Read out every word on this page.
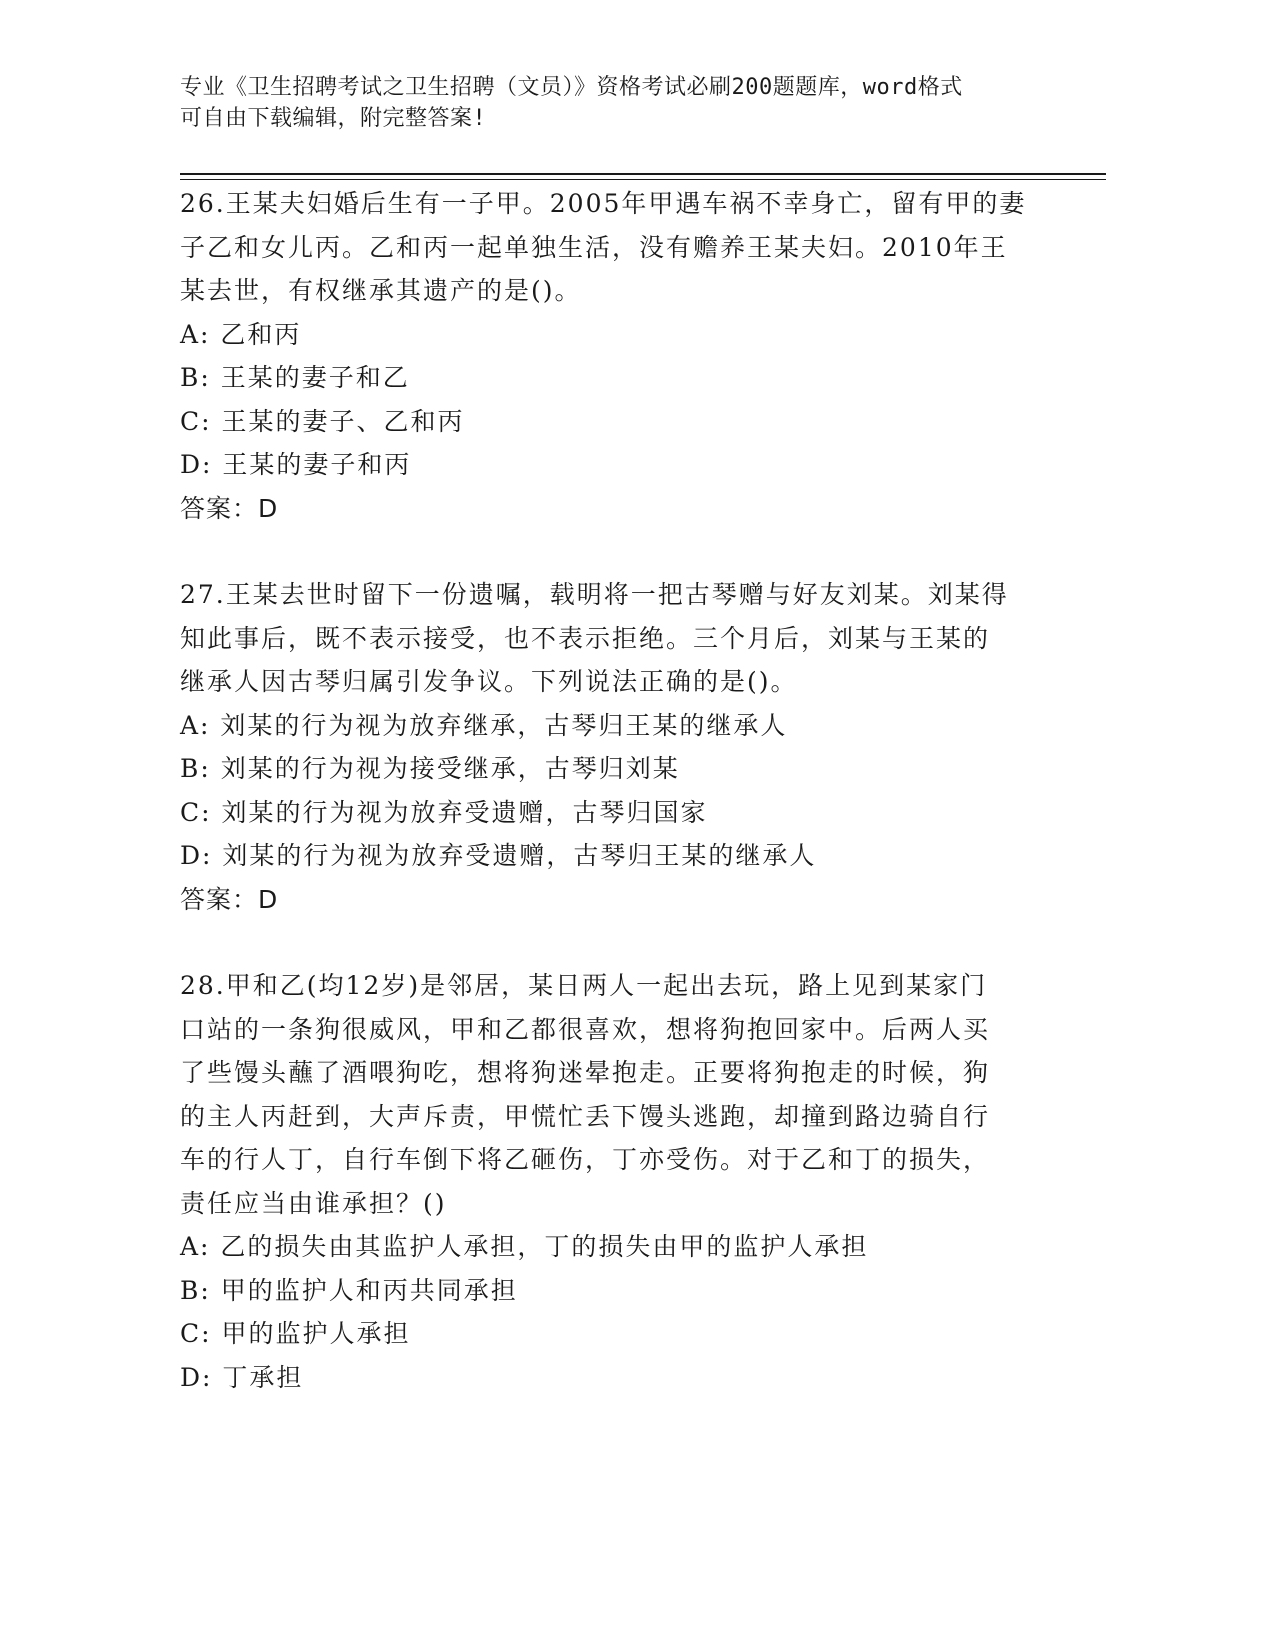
专业《卫生招聘考试之卫生招聘（文员）》资格考试必刷200题题库，word格式
可自由下载编辑，附完整答案!

26.王某夫妇婚后生有一子甲。2005年甲遇车祸不幸身亡，留有甲的妻

子乙和女儿丙。乙和丙一起单独生活，没有赡养王某夫妇。2010年王

某去世，有权继承其遗产的是()。

A: 乙和丙

B: 王某的妻子和乙

C: 王某的妻子、乙和丙

D: 王某的妻子和丙

答案：D

27.王某去世时留下一份遗嘱，载明将一把古琴赠与好友刘某。刘某得

知此事后，既不表示接受，也不表示拒绝。三个月后，刘某与王某的

继承人因古琴归属引发争议。下列说法正确的是()。

A: 刘某的行为视为放弃继承，古琴归王某的继承人

B: 刘某的行为视为接受继承，古琴归刘某

C: 刘某的行为视为放弃受遗赠，古琴归国家

D: 刘某的行为视为放弃受遗赠，古琴归王某的继承人

答案：D

28.甲和乙(均12岁)是邻居，某日两人一起出去玩，路上见到某家门

口站的一条狗很威风，甲和乙都很喜欢，想将狗抱回家中。后两人买

了些馒头蘸了酒喂狗吃，想将狗迷晕抱走。正要将狗抱走的时候，狗

的主人丙赶到，大声斥责，甲慌忙丢下馒头逃跑，却撞到路边骑自行

车的行人丁，自行车倒下将乙砸伤，丁亦受伤。对于乙和丁的损失，

责任应当由谁承担？()

A: 乙的损失由其监护人承担，丁的损失由甲的监护人承担

B: 甲的监护人和丙共同承担

C: 甲的监护人承担

D: 丁承担
